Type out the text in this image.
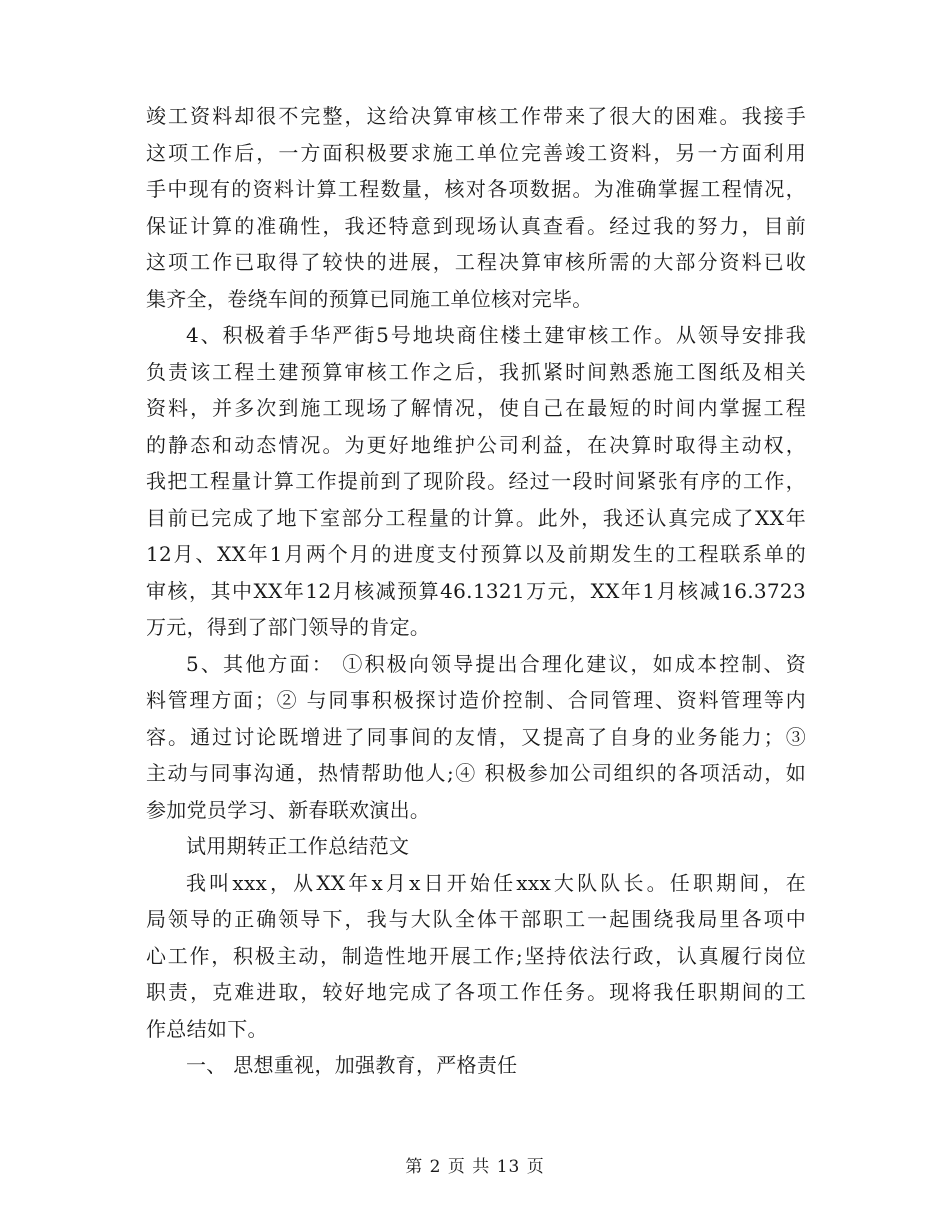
竣工资料却很不完整，这给决算审核工作带来了很大的困难。我接手
这项工作后，一方面积极要求施工单位完善竣工资料，另一方面利用
手中现有的资料计算工程数量，核对各项数据。为准确掌握工程情况，
保证计算的准确性，我还特意到现场认真查看。经过我的努力，目前
这项工作已取得了较快的进展，工程决算审核所需的大部分资料已收
集齐全，卷绕车间的预算已同施工单位核对完毕。
4、积极着手华严街5号地块商住楼土建审核工作。从领导安排我
负责该工程土建预算审核工作之后，我抓紧时间熟悉施工图纸及相关
资料，并多次到施工现场了解情况，使自己在最短的时间内掌握工程
的静态和动态情况。为更好地维护公司利益，在决算时取得主动权，
我把工程量计算工作提前到了现阶段。经过一段时间紧张有序的工作，
目前已完成了地下室部分工程量的计算。此外，我还认真完成了XX年
12月、XX年1月两个月的进度支付预算以及前期发生的工程联系单的
审核，其中XX年12月核减预算46.1321万元，XX年1月核减16.3723
万元，得到了部门领导的肯定。
5、其他方面： ①积极向领导提出合理化建议，如成本控制、资
料管理方面；② 与同事积极探讨造价控制、合同管理、资料管理等内
容。通过讨论既增进了同事间的友情，又提高了自身的业务能力；③
主动与同事沟通，热情帮助他人;④ 积极参加公司组织的各项活动，如
参加党员学习、新春联欢演出。
试用期转正工作总结范文
我叫xxx，从XX年x月x日开始任xxx大队队长。任职期间，在
局领导的正确领导下，我与大队全体干部职工一起围绕我局里各项中
心工作，积极主动，制造性地开展工作;坚持依法行政，认真履行岗位
职责，克难进取，较好地完成了各项工作任务。现将我任职期间的工
作总结如下。
一、 思想重视，加强教育，严格责任
第 2 页 共 13 页
